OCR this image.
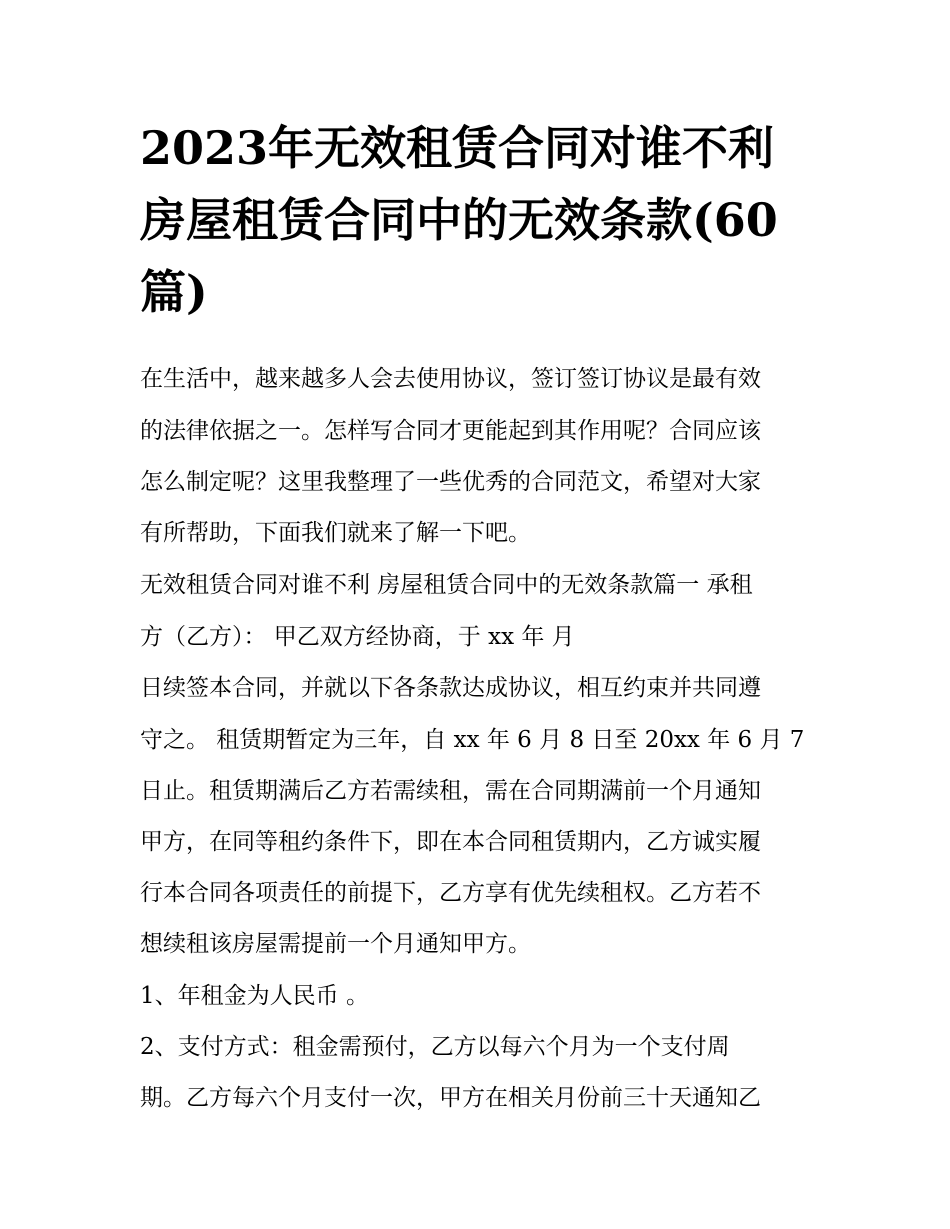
2023年无效租赁合同对谁不利
房屋租赁合同中的无效条款(60
篇)

在生活中，越来越多人会去使用协议，签订签订协议是最有效

的法律依据之一。怎样写合同才更能起到其作用呢？合同应该

怎么制定呢？这里我整理了一些优秀的合同范文，希望对大家

有所帮助，下面我们就来了解一下吧。

无效租赁合同对谁不利 房屋租赁合同中的无效条款篇一 承租

方（乙方）： 甲乙双方经协商，于 xx 年 月

日续签本合同，并就以下各条款达成协议，相互约束并共同遵

守之。 租赁期暂定为三年，自 xx 年 6 月 8 日至 20xx 年 6 月 7

日止。租赁期满后乙方若需续租，需在合同期满前一个月通知

甲方，在同等租约条件下，即在本合同租赁期内，乙方诚实履

行本合同各项责任的前提下，乙方享有优先续租权。乙方若不

想续租该房屋需提前一个月通知甲方。

1、年租金为人民币 。

2、支付方式：租金需预付，乙方以每六个月为一个支付周

期。乙方每六个月支付一次，甲方在相关月份前三十天通知乙
